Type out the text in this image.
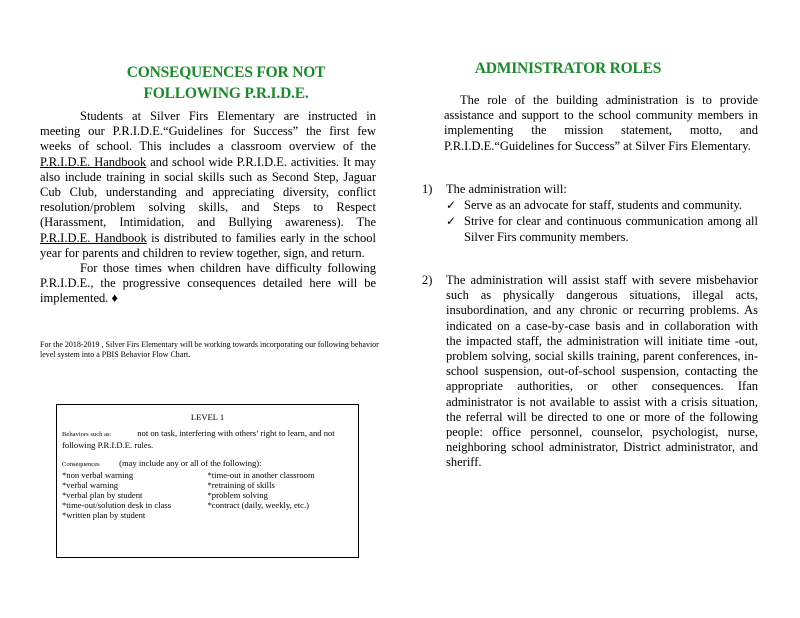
CONSEQUENCES FOR NOT
FOLLOWING P.R.I.D.E.

Students at Silver Firs Elementary are instructed in meeting our P.R.I.D.E.“Guidelines for Success” the first few weeks of school. This includes a classroom overview of the P.R.I.D.E. Handbook and school wide P.R.I.D.E. activities. It may also include training in social skills such as Second Step, Jaguar Cub Club, understanding and appreciating diversity, conflict resolution/problem solving skills, and Steps to Respect (Harassment, Intimidation, and Bullying awareness). The P.R.I.D.E. Handbook is distributed to families early in the school year for parents and children to review together, sign, and return.

For those times when children have difficulty following P.R.I.D.E., the progressive consequences detailed here will be implemented. ♦

For the 2018-2019 , Silver Firs Elementary will be working towards incorporating our following behavior level system into a PBIS Behavior Flow Chart.
LEVEL 1
Behaviors such as:	not on task, interfering with others’ right to learn, and not following P.R.I.D.E. rules.
Consequences (may include any or all of the following):
*non verbal warning
*verbal warning
*verbal plan by student
*time-out/solution desk in class
*written plan by student
*time-out in another classroom
*retraining of skills
*problem solving
*contract (daily, weekly, etc.)
ADMINISTRATOR ROLES

The role of the building administration is to provide assistance and support to the school community members in implementing the mission statement, motto, and P.R.I.D.E.“Guidelines for Success” at Silver Firs Elementary.

1) The administration will:
✓ Serve as an advocate for staff, students and community.
✓ Strive for clear and continuous communication among all Silver Firs community members.
2) The administration will assist staff with severe misbehavior such as physically dangerous situations, illegal acts, insubordination, and any chronic or recurring problems. As indicated on a case-by-case basis and in collaboration with the impacted staff, the administration will initiate time -out, problem solving, social skills training, parent conferences, in-school suspension, out-of-school suspension, contacting the appropriate authorities, or other consequences. Ifan administrator is not available to assist with a crisis situation, the referral will be directed to one or more of the following people: office personnel, counselor, psychologist, nurse, neighboring school administrator, District administrator, and sheriff.
